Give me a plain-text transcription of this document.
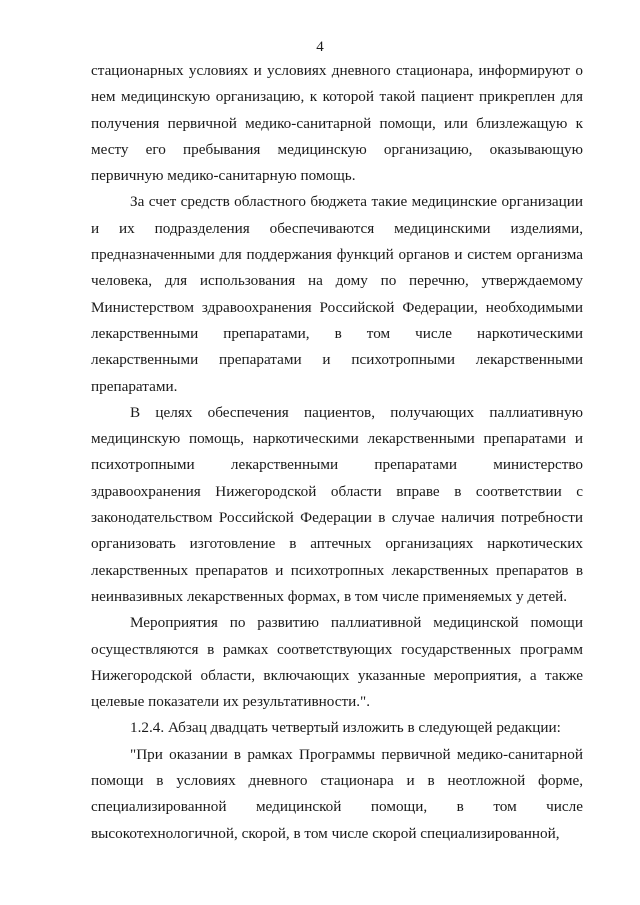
4

стационарных условиях и условиях дневного стационара, информируют о нем медицинскую организацию, к которой такой пациент прикреплен для получения первичной медико-санитарной помощи, или близлежащую к месту его пребывания медицинскую организацию, оказывающую первичную медико-санитарную помощь.

За счет средств областного бюджета такие медицинские организации и их подразделения обеспечиваются медицинскими изделиями, предназначенными для поддержания функций органов и систем организма человека, для использования на дому по перечню, утверждаемому Министерством здравоохранения Российской Федерации, необходимыми лекарственными препаратами, в том числе наркотическими лекарственными препаратами и психотропными лекарственными препаратами.

В целях обеспечения пациентов, получающих паллиативную медицинскую помощь, наркотическими лекарственными препаратами и психотропными лекарственными препаратами министерство здравоохранения Нижегородской области вправе в соответствии с законодательством Российской Федерации в случае наличия потребности организовать изготовление в аптечных организациях наркотических лекарственных препаратов и психотропных лекарственных препаратов в неинвазивных лекарственных формах, в том числе применяемых у детей.

Мероприятия по развитию паллиативной медицинской помощи осуществляются в рамках соответствующих государственных программ Нижегородской области, включающих указанные мероприятия, а также целевые показатели их результативности.".

1.2.4. Абзац двадцать четвертый изложить в следующей редакции:

"При оказании в рамках Программы первичной медико-санитарной помощи в условиях дневного стационара и в неотложной форме, специализированной медицинской помощи, в том числе высокотехнологичной, скорой, в том числе скорой специализированной,
